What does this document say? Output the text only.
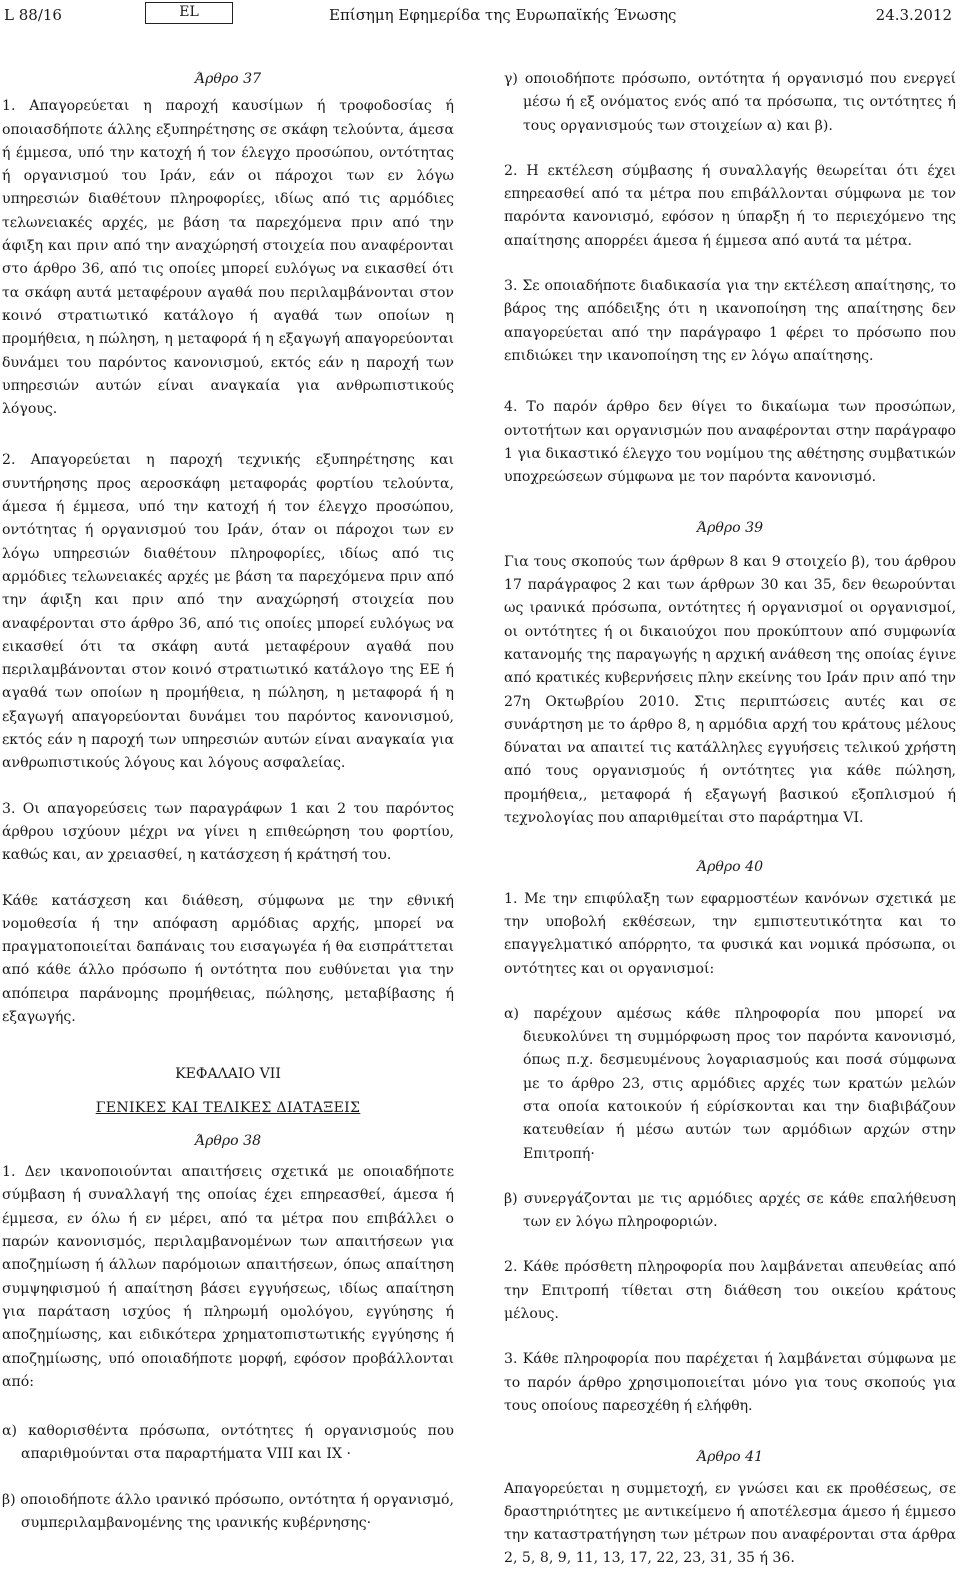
L 88/16	EL	Επίσημη Εφημερίδα της Ευρωπαϊκής Ένωσης	24.3.2012

Άρθρο 37

1. Απαγορεύεται η παροχή καυσίμων ή τροφοδοσίας ή οποιασδήποτε άλλης εξυπηρέτησης σε σκάφη τελούντα, άμεσα ή έμμεσα, υπό την κατοχή ή τον έλεγχο προσώπου, οντότητας ή οργανισμού του Ιράν, εάν οι πάροχοι των εν λόγω υπηρεσιών διαθέτουν πληροφορίες, ιδίως από τις αρμόδιες τελωνειακές αρχές, με βάση τα παρεχόμενα πριν από την άφιξη και πριν από την αναχώρησή στοιχεία που αναφέρονται στο άρθρο 36, από τις οποίες μπορεί ευλόγως να εικασθεί ότι τα σκάφη αυτά μεταφέρουν αγαθά που περιλαμβάνονται στον κοινό στρατιωτικό κατάλογο ή αγαθά των οποίων η προμήθεια, η πώληση, η μεταφορά ή η εξαγωγή απαγορεύονται δυνάμει του παρόντος κανονισμού, εκτός εάν η παροχή των υπηρεσιών αυτών είναι αναγκαία για ανθρωπιστικούς λόγους.

2. Απαγορεύεται η παροχή τεχνικής εξυπηρέτησης και συντήρησης προς αεροσκάφη μεταφοράς φορτίου τελούντα, άμεσα ή έμμεσα, υπό την κατοχή ή τον έλεγχο προσώπου, οντότητας ή οργανισμού του Ιράν, όταν οι πάροχοι των εν λόγω υπηρεσιών διαθέτουν πληροφορίες, ιδίως από τις αρμόδιες τελωνειακές αρχές με βάση τα παρεχόμενα πριν από την άφιξη και πριν από την αναχώρησή στοιχεία που αναφέρονται στο άρθρο 36, από τις οποίες μπορεί ευλόγως να εικασθεί ότι τα σκάφη αυτά μεταφέρουν αγαθά που περιλαμβάνονται στον κοινό στρατιωτικό κατάλογο της ΕΕ ή αγαθά των οποίων η προμήθεια, η πώληση, η μεταφορά ή η εξαγωγή απαγορεύονται δυνάμει του παρόντος κανονισμού, εκτός εάν η παροχή των υπηρεσιών αυτών είναι αναγκαία για ανθρωπιστικούς λόγους και λόγους ασφαλείας.

3. Οι απαγορεύσεις των παραγράφων 1 και 2 του παρόντος άρθρου ισχύουν μέχρι να γίνει η επιθεώρηση του φορτίου, καθώς και, αν χρειασθεί, η κατάσχεση ή κράτησή του.

Κάθε κατάσχεση και διάθεση, σύμφωνα με την εθνική νομοθεσία ή την απόφαση αρμόδιας αρχής, μπορεί να πραγματοποιείται δαπάναις του εισαγωγέα ή θα εισπράττεται από κάθε άλλο πρόσωπο ή οντότητα που ευθύνεται για την απόπειρα παράνομης προμήθειας, πώλησης, μεταβίβασης ή εξαγωγής.

ΚΕΦΑΛΑΙΟ VII

ΓΕΝΙΚΕΣ ΚΑΙ ΤΕΛΙΚΕΣ ΔΙΑΤΑΞΕΙΣ

Άρθρο 38

1. Δεν ικανοποιούνται απαιτήσεις σχετικά με οποιαδήποτε σύμβαση ή συναλλαγή της οποίας έχει επηρεασθεί, άμεσα ή έμμεσα, εν όλω ή εν μέρει, από τα μέτρα που επιβάλλει ο παρών κανονισμός, περιλαμβανομένων των απαιτήσεων για αποζημίωση ή άλλων παρόμοιων απαιτήσεων, όπως απαίτηση συμψηφισμού ή απαίτηση βάσει εγγυήσεως, ιδίως απαίτηση για παράταση ισχύος ή πληρωμή ομολόγου, εγγύησης ή αποζημίωσης, και ειδικότερα χρηματοπιστωτικής εγγύησης ή αποζημίωσης, υπό οποιαδήποτε μορφή, εφόσον προβάλλονται από:

α) καθορισθέντα πρόσωπα, οντότητες ή οργανισμούς που απαριθμούνται στα παραρτήματα VIII και IX ·

β) οποιοδήποτε άλλο ιρανικό πρόσωπο, οντότητα ή οργανισμό, συμπεριλαμβανομένης της ιρανικής κυβέρνησης·

γ) οποιοδήποτε πρόσωπο, οντότητα ή οργανισμό που ενεργεί μέσω ή εξ ονόματος ενός από τα πρόσωπα, τις οντότητες ή τους οργανισμούς των στοιχείων α) και β).

2. Η εκτέλεση σύμβασης ή συναλλαγής θεωρείται ότι έχει επηρεασθεί από τα μέτρα που επιβάλλονται σύμφωνα με τον παρόντα κανονισμό, εφόσον η ύπαρξη ή το περιεχόμενο της απαίτησης απορρέει άμεσα ή έμμεσα από αυτά τα μέτρα.

3. Σε οποιαδήποτε διαδικασία για την εκτέλεση απαίτησης, το βάρος της απόδειξης ότι η ικανοποίηση της απαίτησης δεν απαγορεύεται από την παράγραφο 1 φέρει το πρόσωπο που επιδιώκει την ικανοποίηση της εν λόγω απαίτησης.

4. Το παρόν άρθρο δεν θίγει το δικαίωμα των προσώπων, οντοτήτων και οργανισμών που αναφέρονται στην παράγραφο 1 για δικαστικό έλεγχο του νομίμου της αθέτησης συμβατικών υποχρεώσεων σύμφωνα με τον παρόντα κανονισμό.

Άρθρο 39

Για τους σκοπούς των άρθρων 8 και 9 στοιχείο β), του άρθρου 17 παράγραφος 2 και των άρθρων 30 και 35, δεν θεωρούνται ως ιρανικά πρόσωπα, οντότητες ή οργανισμοί οι οργανισμοί, οι οντότητες ή οι δικαιούχοι που προκύπτουν από συμφωνία κατανομής της παραγωγής η αρχική ανάθεση της οποίας έγινε από κρατικές κυβερνήσεις πλην εκείνης του Ιράν πριν από την 27η Οκτωβρίου 2010. Στις περιπτώσεις αυτές και σε συνάρτηση με το άρθρο 8, η αρμόδια αρχή του κράτους μέλους δύναται να απαιτεί τις κατάλληλες εγγυήσεις τελικού χρήστη από τους οργανισμούς ή οντότητες για κάθε πώληση, προμήθεια,, μεταφορά ή εξαγωγή βασικού εξοπλισμού ή τεχνολογίας που απαριθμείται στο παράρτημα VI.

Άρθρο 40

1. Με την επιφύλαξη των εφαρμοστέων κανόνων σχετικά με την υποβολή εκθέσεων, την εμπιστευτικότητα και το επαγγελματικό απόρρητο, τα φυσικά και νομικά πρόσωπα, οι οντότητες και οι οργανισμοί:

α) παρέχουν αμέσως κάθε πληροφορία που μπορεί να διευκολύνει τη συμμόρφωση προς τον παρόντα κανονισμό, όπως π.χ. δεσμευμένους λογαριασμούς και ποσά σύμφωνα με το άρθρο 23, στις αρμόδιες αρχές των κρατών μελών στα οποία κατοικούν ή εύρίσκονται και την διαβιβάζουν κατευθείαν ή μέσω αυτών των αρμόδιων αρχών στην Επιτροπή·

β) συνεργάζονται με τις αρμόδιες αρχές σε κάθε επαλήθευση των εν λόγω πληροφοριών.

2. Κάθε πρόσθετη πληροφορία που λαμβάνεται απευθείας από την Επιτροπή τίθεται στη διάθεση του οικείου κράτους μέλους.

3. Κάθε πληροφορία που παρέχεται ή λαμβάνεται σύμφωνα με το παρόν άρθρο χρησιμοποιείται μόνο για τους σκοπούς για τους οποίους παρεσχέθη ή ελήφθη.

Άρθρο 41

Απαγορεύεται η συμμετοχή, εν γνώσει και εκ προθέσεως, σε δραστηριότητες με αντικείμενο ή αποτέλεσμα άμεσο ή έμμεσο την καταστρατήγηση των μέτρων που αναφέρονται στα άρθρα 2, 5, 8, 9, 11, 13, 17, 22, 23, 31, 35 ή 36.
